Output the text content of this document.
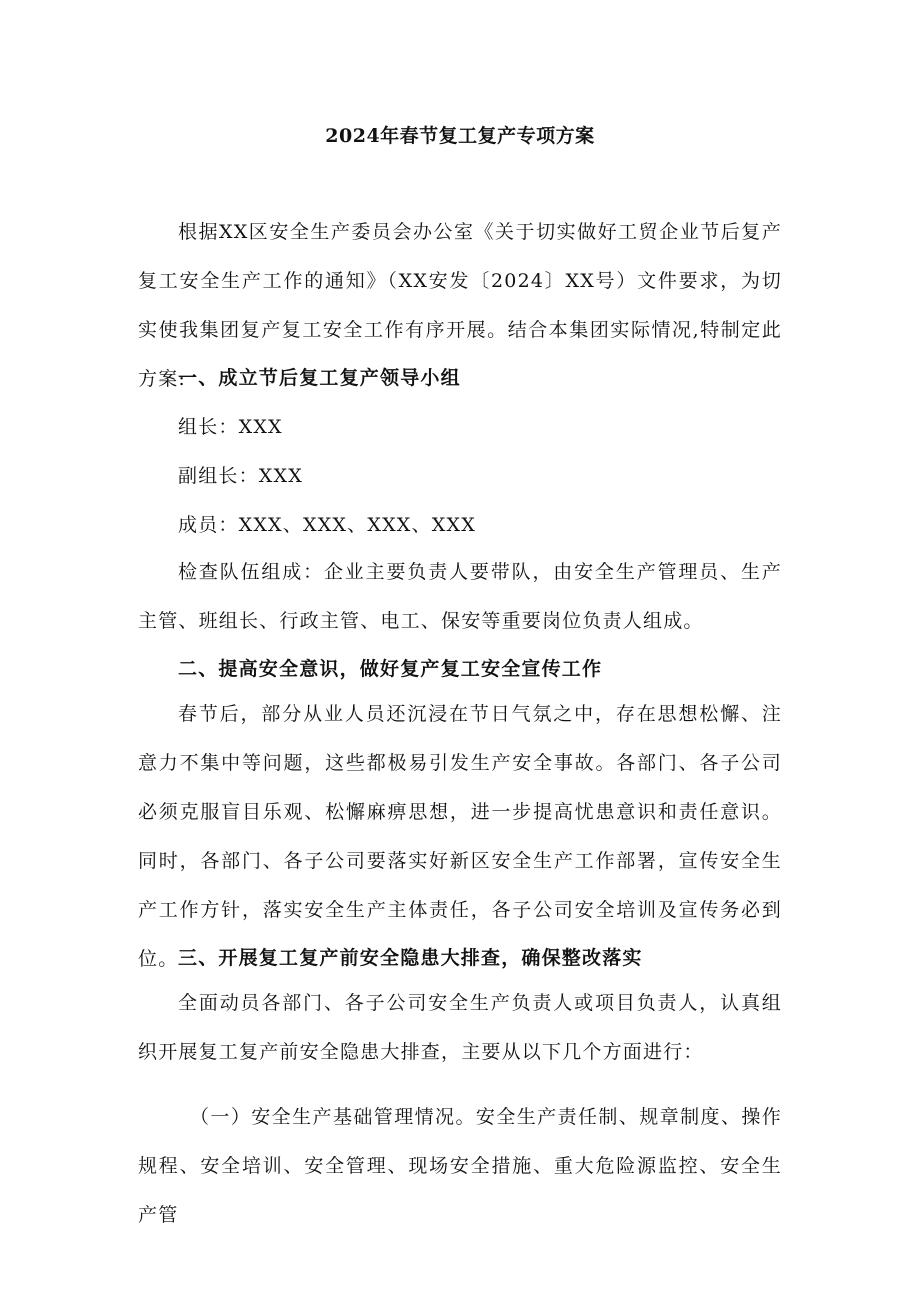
2024年春节复工复产专项方案

根据XX区安全生产委员会办公室《关于切实做好工贸企业节后复产复工安全生产工作的通知》（XX安发〔2024〕XX号）文件要求，为切实使我集团复产复工安全工作有序开展。结合本集团实际情况,特制定此方案:

一、成立节后复工复产领导小组

组长：XXX

副组长：XXX

成员：XXX、XXX、XXX、XXX

检查队伍组成：企业主要负责人要带队，由安全生产管理员、生产主管、班组长、行政主管、电工、保安等重要岗位负责人组成。

二、提高安全意识，做好复产复工安全宣传工作

春节后，部分从业人员还沉浸在节日气氛之中，存在思想松懈、注意力不集中等问题，这些都极易引发生产安全事故。各部门、各子公司必须克服盲目乐观、松懈麻痹思想，进一步提高忧患意识和责任意识。同时，各部门、各子公司要落实好新区安全生产工作部署，宣传安全生产工作方针，落实安全生产主体责任，各子公司安全培训及宣传务必到位。 三、开展复工复产前安全隐患大排查，确保整改落实

全面动员各部门、各子公司安全生产负责人或项目负责人，认真组织开展复工复产前安全隐患大排查，主要从以下几个方面进行：

（一）安全生产基础管理情况。安全生产责任制、规章制度、操作规程、安全培训、安全管理、现场安全措施、重大危险源监控、安全生产管
